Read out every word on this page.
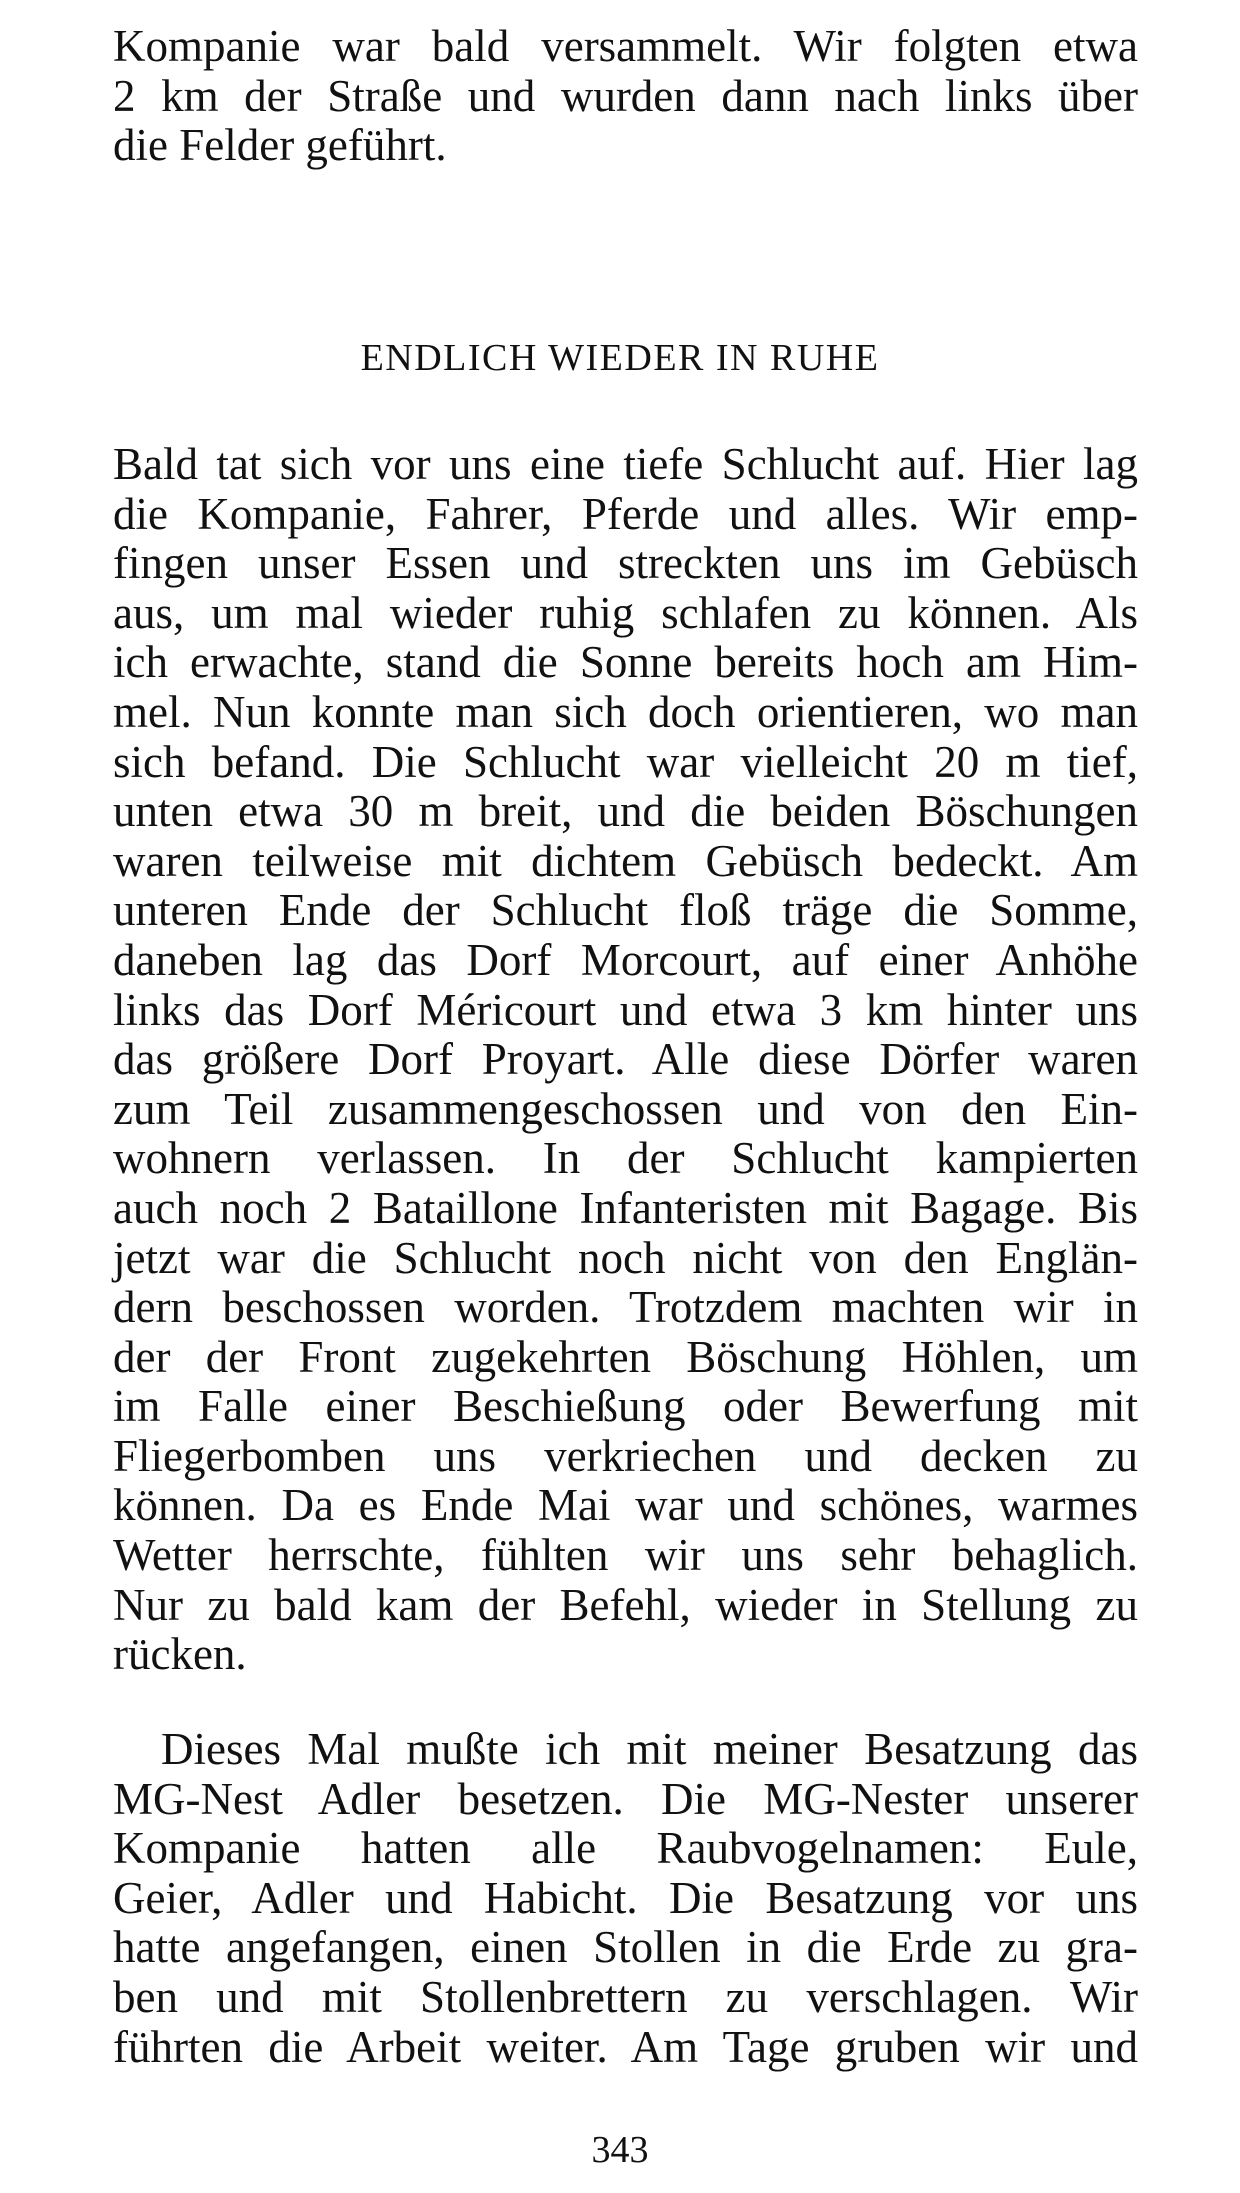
Kompanie war bald versammelt. Wir folgten etwa
2 km der Straße und wurden dann nach links über
die Felder geführt.
ENDLICH WIEDER IN RUHE
Bald tat sich vor uns eine tiefe Schlucht auf. Hier lag
die Kompanie, Fahrer, Pferde und alles. Wir emp-
fingen unser Essen und streckten uns im Gebüsch
aus, um mal wieder ruhig schlafen zu können. Als
ich erwachte, stand die Sonne bereits hoch am Him-
mel. Nun konnte man sich doch orientieren, wo man
sich befand. Die Schlucht war vielleicht 20 m tief,
unten etwa 30 m breit, und die beiden Böschungen
waren teilweise mit dichtem Gebüsch bedeckt. Am
unteren Ende der Schlucht floß träge die Somme,
daneben lag das Dorf Morcourt, auf einer Anhöhe
links das Dorf Méricourt und etwa 3 km hinter uns
das größere Dorf Proyart. Alle diese Dörfer waren
zum Teil zusammengeschossen und von den Ein-
wohnern verlassen. In der Schlucht kampierten
auch noch 2 Bataillone Infanteristen mit Bagage. Bis
jetzt war die Schlucht noch nicht von den Englän-
dern beschossen worden. Trotzdem machten wir in
der der Front zugekehrten Böschung Höhlen, um
im Falle einer Beschießung oder Bewerfung mit
Fliegerbomben uns verkriechen und decken zu
können. Da es Ende Mai war und schönes, warmes
Wetter herrschte, fühlten wir uns sehr behaglich.
Nur zu bald kam der Befehl, wieder in Stellung zu
rücken.
Dieses Mal mußte ich mit meiner Besatzung das
MG-Nest Adler besetzen. Die MG-Nester unserer
Kompanie hatten alle Raubvogelnamen: Eule,
Geier, Adler und Habicht. Die Besatzung vor uns
hatte angefangen, einen Stollen in die Erde zu gra-
ben und mit Stollenbrettern zu verschlagen. Wir
führten die Arbeit weiter. Am Tage gruben wir und
343
